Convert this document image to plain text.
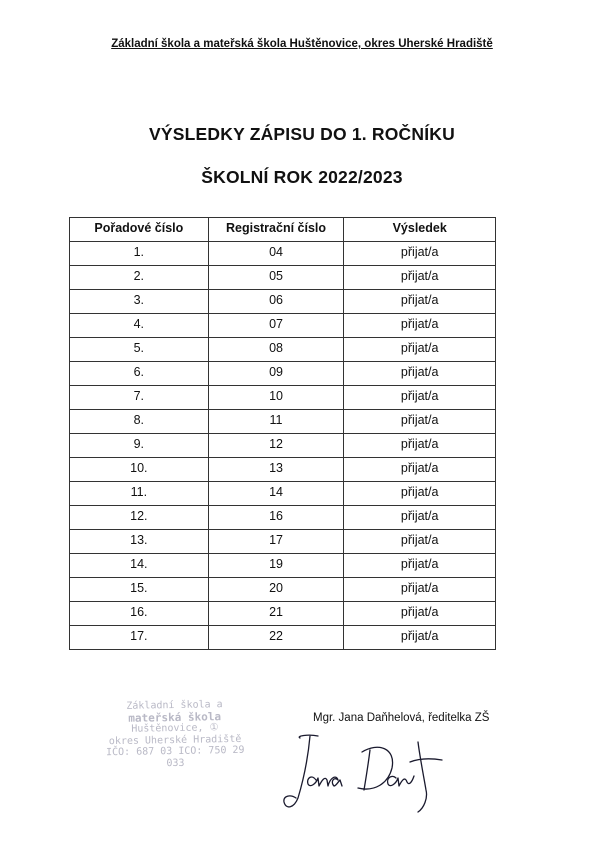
Základní škola a mateřská škola Huštěnovice, okres Uherské Hradiště
VÝSLEDKY ZÁPISU DO 1. ROČNÍKU
ŠKOLNÍ ROK 2022/2023
Pořadové číslo	Registrační číslo	Výsledek
1.	04	přijat/a
2.	05	přijat/a
3.	06	přijat/a
4.	07	přijat/a
5.	08	přijat/a
6.	09	přijat/a
7.	10	přijat/a
8.	11	přijat/a
9.	12	přijat/a
10.	13	přijat/a
11.	14	přijat/a
12.	16	přijat/a
13.	17	přijat/a
14.	19	přijat/a
15.	20	přijat/a
16.	21	přijat/a
17.	22	přijat/a
Základní škola a
mateřská škola
Huštěnovice, ①
okres Uherské Hradiště
IČO: 687 03 ICO: 750 29 033
Mgr. Jana Daňhelová, ředitelka ZŠ
